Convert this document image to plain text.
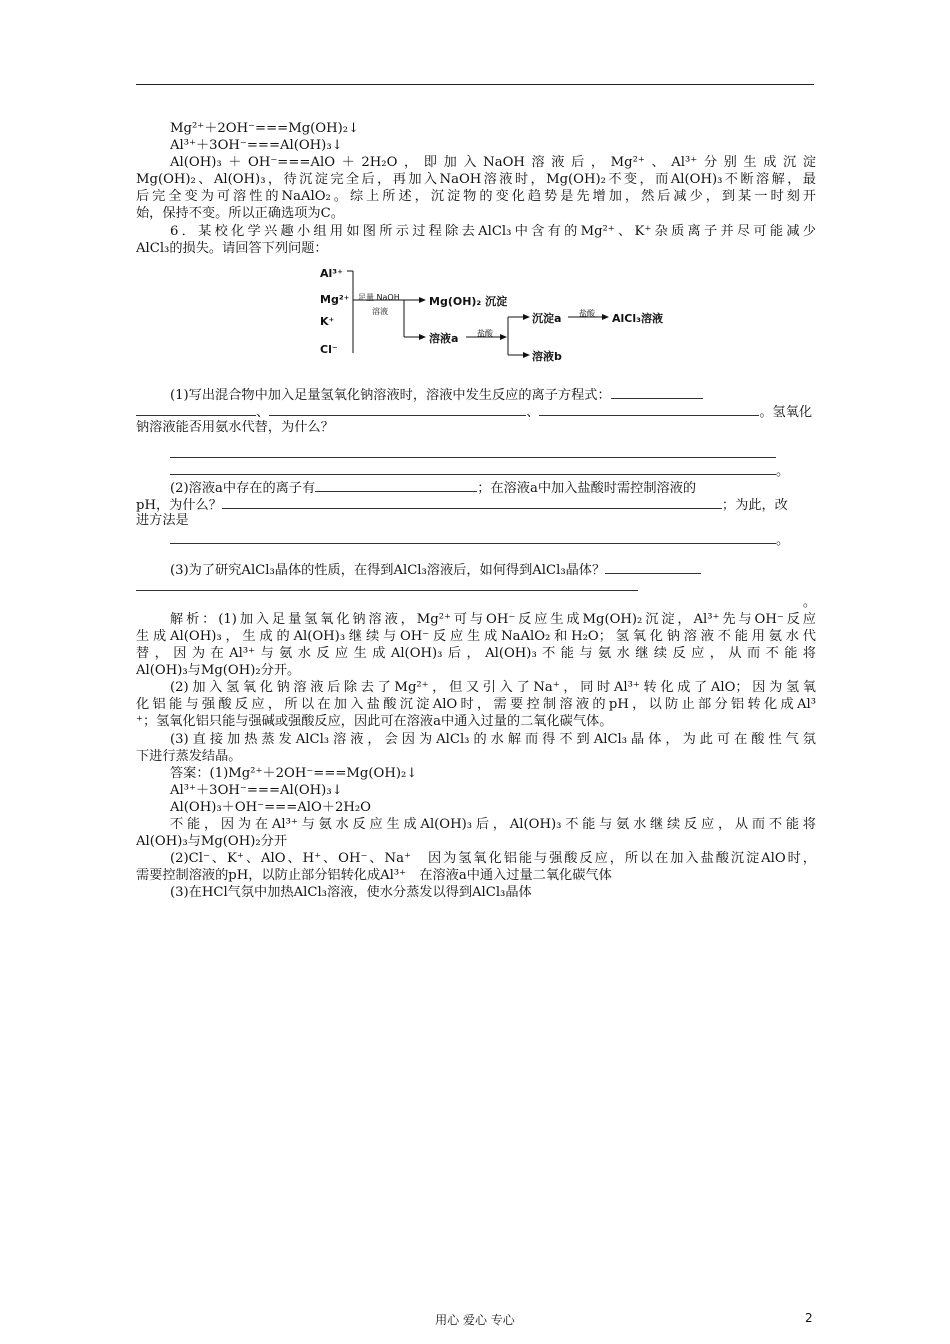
Mg²⁺＋2OH⁻===Mg(OH)₂↓
Al³⁺＋3OH⁻===Al(OH)₃↓
Al(OH)₃＋OH⁻===AlO＋2H₂O，即加入NaOH溶液后，Mg²⁺、Al³⁺分别生成沉淀
Mg(OH)₂、Al(OH)₃，待沉淀完全后，再加入NaOH溶液时，Mg(OH)₂不变，而Al(OH)₃不断溶解，最
后完全变为可溶性的NaAlO₂。综上所述，沉淀物的变化趋势是先增加，然后减少，到某一时刻开
始，保持不变。所以正确选项为C。
6．某校化学兴趣小组用如图所示过程除去AlCl₃中含有的Mg²⁺、K⁺杂质离子并尽可能减少
AlCl₃的损失。请回答下列问题：
Al³⁺
Mg²⁺
K⁺
Cl⁻
足量 NaOH
溶液
Mg(OH)₂ 沉淀
溶液a 盐酸
沉淀a 盐酸 AlCl₃溶液
溶液b
(1)写出混合物中加入足量氢氧化钠溶液时，溶液中发生反应的离子方程式：
、	、	。氢氧化
钠溶液能否用氨水代替，为什么？
。
(2)溶液a中存在的离子有	；在溶液a中加入盐酸时需控制溶液的
pH，为什么？	；为此，改
进方法是
。
(3)为了研究AlCl₃晶体的性质，在得到AlCl₃溶液后，如何得到AlCl₃晶体？
。
解析：(1)加入足量氢氧化钠溶液，Mg²⁺可与OH⁻反应生成Mg(OH)₂沉淀，Al³⁺先与OH⁻反应
生成Al(OH)₃，生成的Al(OH)₃继续与OH⁻反应生成NaAlO₂和H₂O；氢氧化钠溶液不能用氨水代
替，因为在Al³⁺与氨水反应生成Al(OH)₃后，Al(OH)₃不能与氨水继续反应，从而不能将
Al(OH)₃与Mg(OH)₂分开。
(2)加入氢氧化钠溶液后除去了Mg²⁺，但又引入了Na⁺，同时Al³⁺转化成了AlO；因为氢氧
化铝能与强酸反应，所以在加入盐酸沉淀AlO时，需要控制溶液的pH，以防止部分铝转化成Al³
⁺；氢氧化铝只能与强碱或强酸反应，因此可在溶液a中通入过量的二氧化碳气体。
(3)直接加热蒸发AlCl₃溶液，会因为AlCl₃的水解而得不到AlCl₃晶体，为此可在酸性气氛
下进行蒸发结晶。
答案：(1)Mg²⁺＋2OH⁻===Mg(OH)₂↓
Al³⁺＋3OH⁻===Al(OH)₃↓
Al(OH)₃＋OH⁻===AlO＋2H₂O
不能，因为在Al³⁺与氨水反应生成Al(OH)₃后，Al(OH)₃不能与氨水继续反应，从而不能将
Al(OH)₃与Mg(OH)₂分开
(2)Cl⁻、K⁺、AlO、H⁺、OH⁻、Na⁺　因为氢氧化铝能与强酸反应，所以在加入盐酸沉淀AlO时，
需要控制溶液的pH，以防止部分铝转化成Al³⁺　在溶液a中通入过量二氧化碳气体
(3)在HCl气氛中加热AlCl₃溶液，使水分蒸发以得到AlCl₃晶体
用心 爱心 专心	2
